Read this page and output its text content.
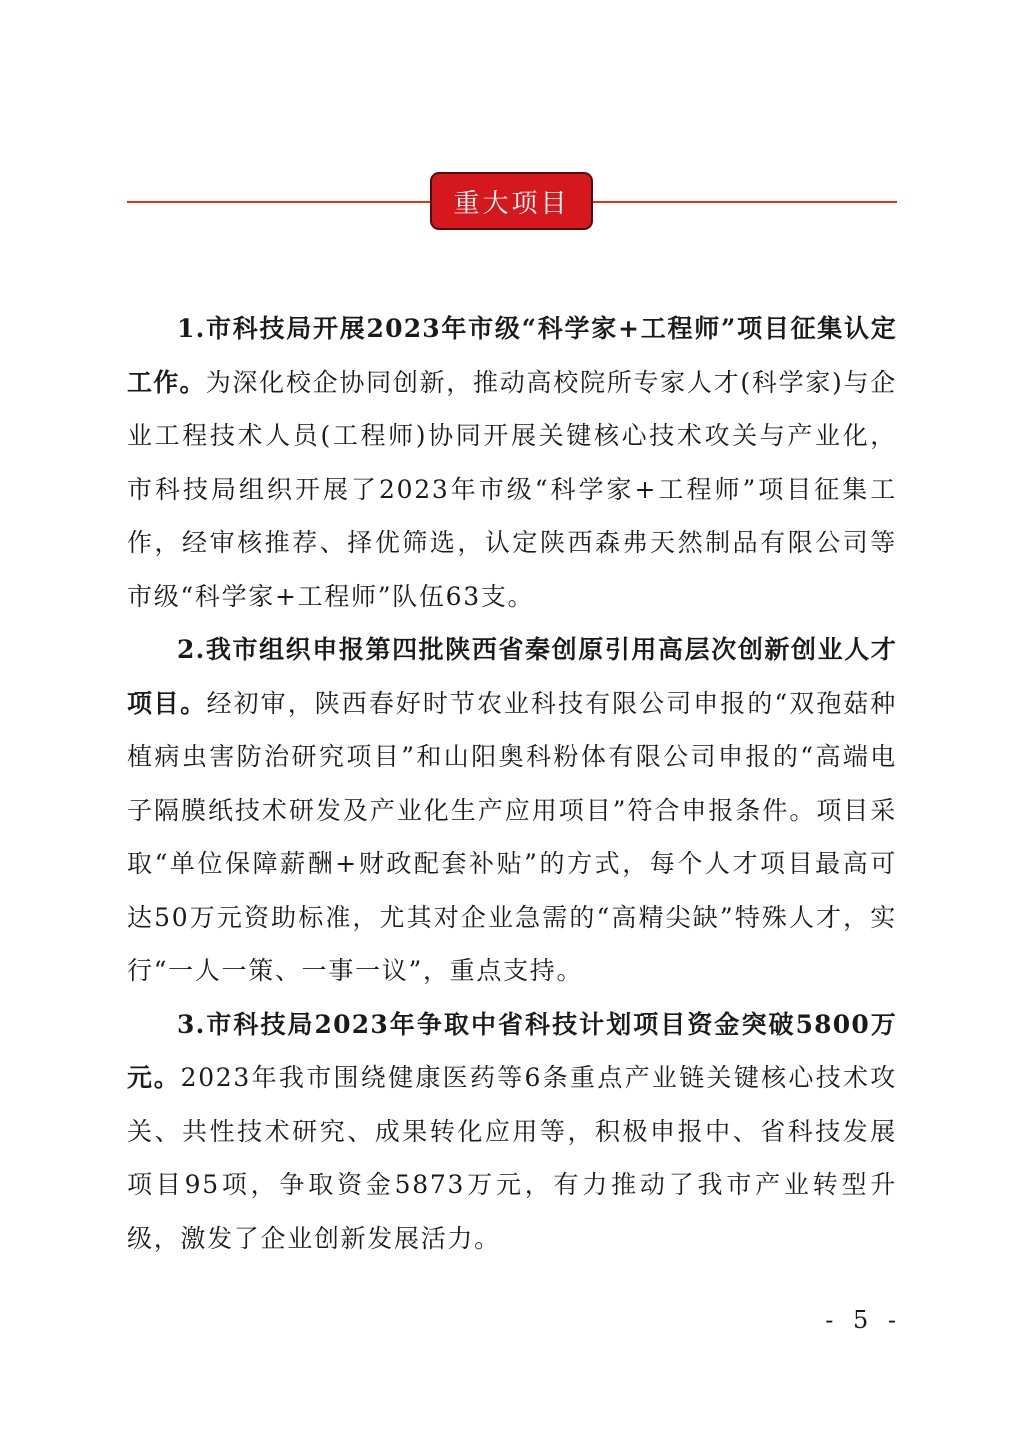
重大项目

1.市科技局开展2023年市级“科学家+工程师”项目征集认定工作。为深化校企协同创新，推动高校院所专家人才(科学家)与企业工程技术人员(工程师)协同开展关键核心技术攻关与产业化，市科技局组织开展了2023年市级“科学家+工程师”项目征集工作，经审核推荐、择优筛选，认定陕西森弗天然制品有限公司等市级“科学家+工程师”队伍63支。

2.我市组织申报第四批陕西省秦创原引用高层次创新创业人才项目。经初审，陕西春好时节农业科技有限公司申报的“双孢菇种植病虫害防治研究项目”和山阳奥科粉体有限公司申报的“高端电子隔膜纸技术研发及产业化生产应用项目”符合申报条件。项目采取“单位保障薪酬+财政配套补贴”的方式，每个人才项目最高可达50万元资助标准，尤其对企业急需的“高精尖缺”特殊人才，实行“一人一策、一事一议”，重点支持。

3.市科技局2023年争取中省科技计划项目资金突破5800万元。2023年我市围绕健康医药等6条重点产业链关键核心技术攻关、共性技术研究、成果转化应用等，积极申报中、省科技发展项目95项，争取资金5873万元，有力推动了我市产业转型升级，激发了企业创新发展活力。

- 5 -
